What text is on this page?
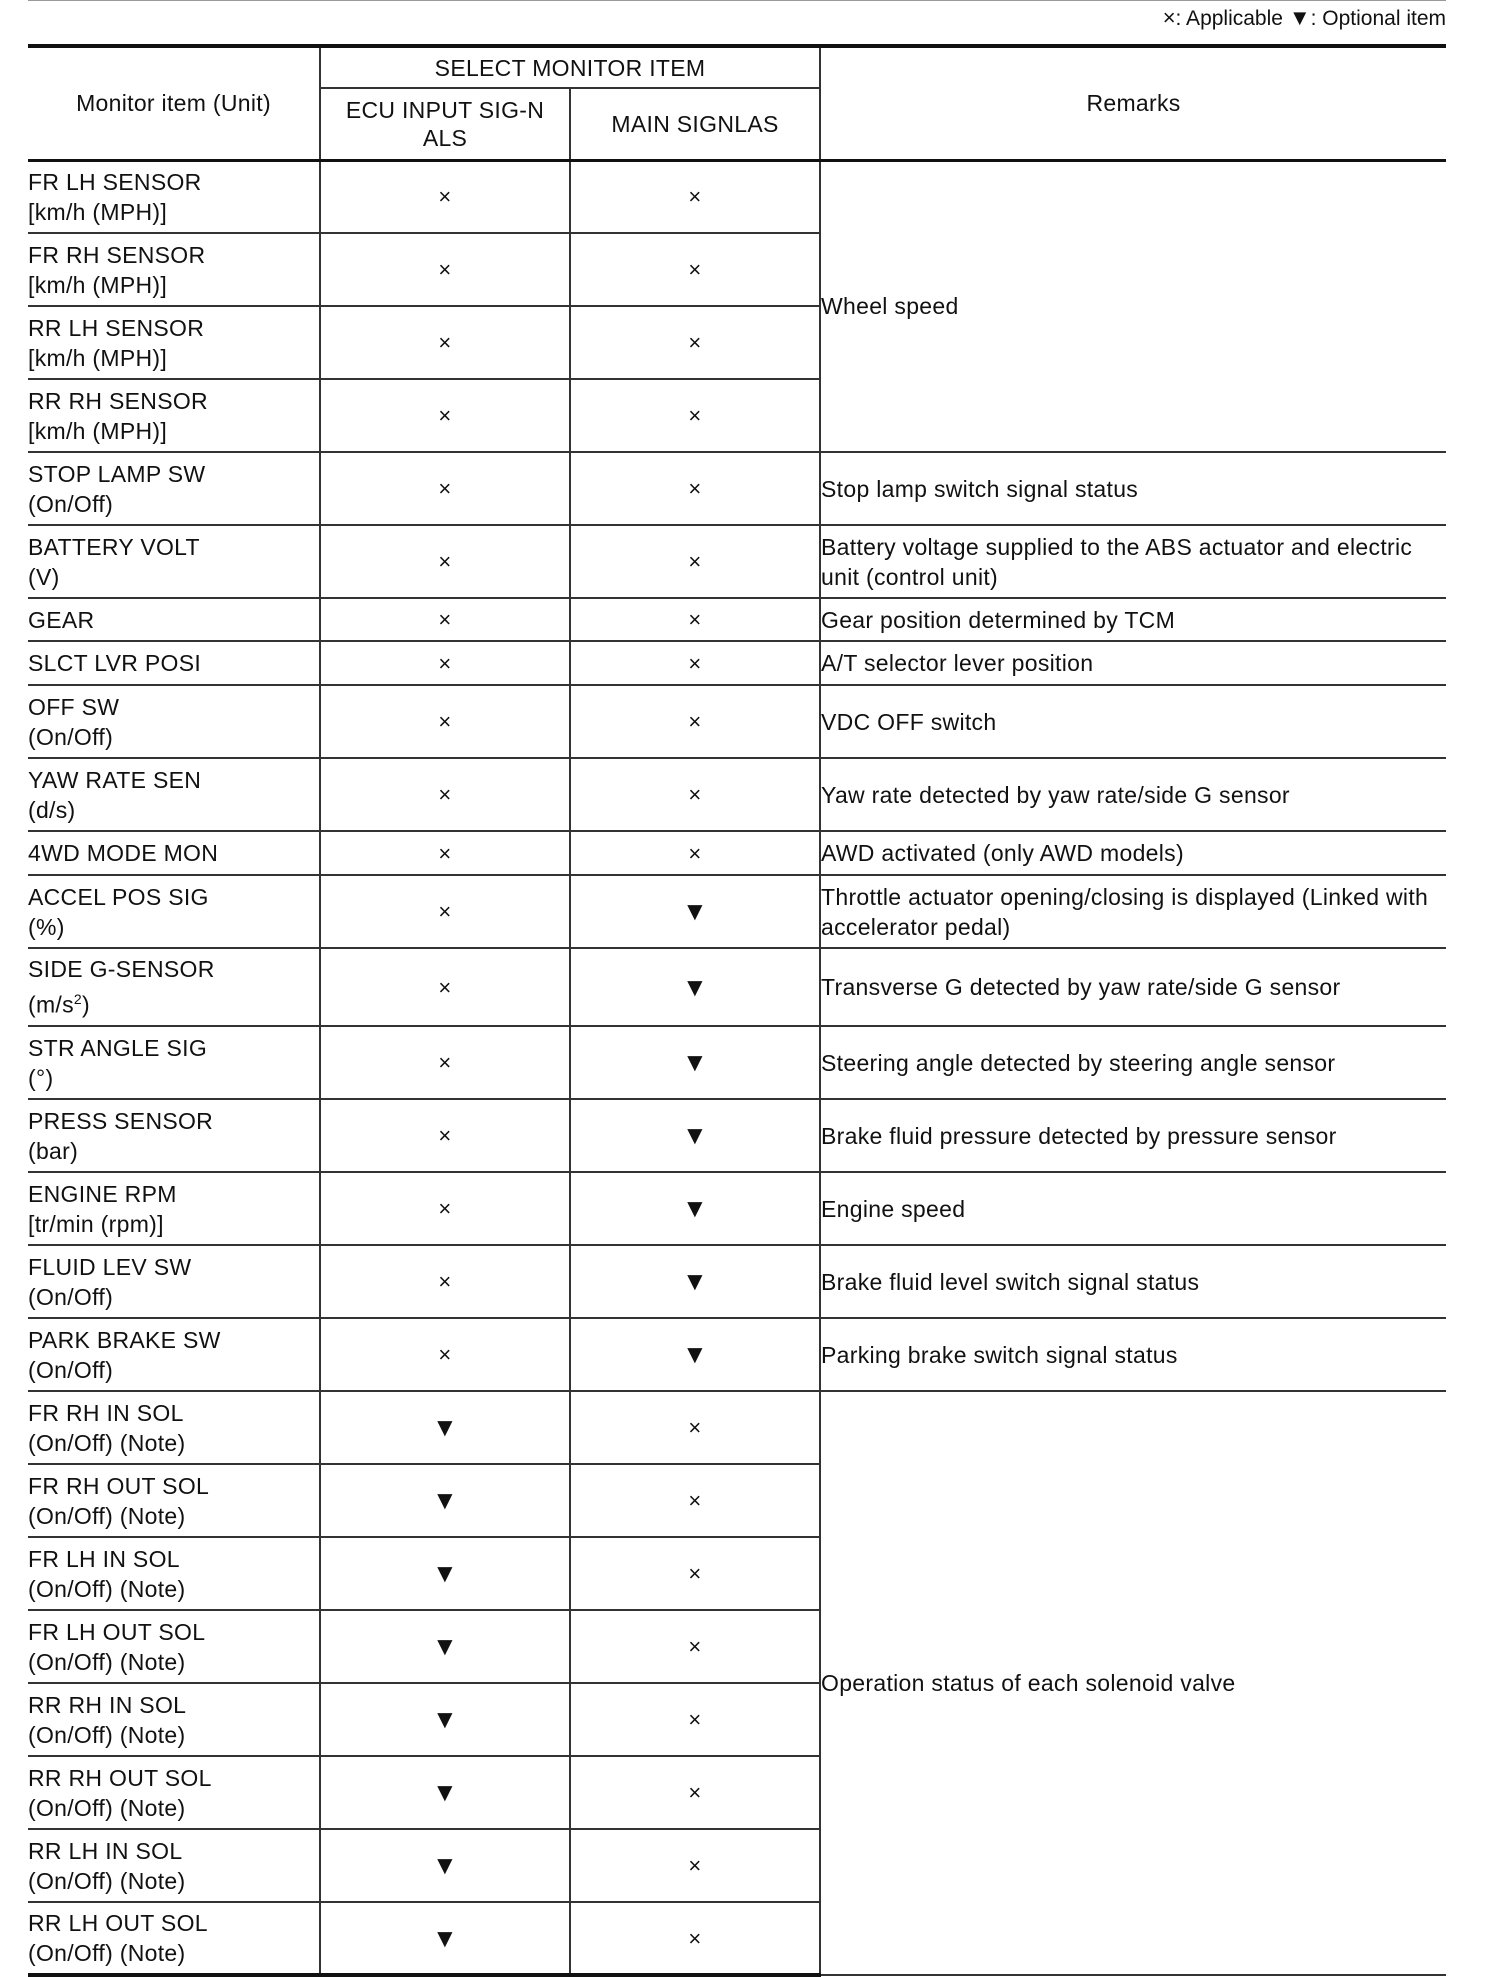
×: Applicable ▼: Optional item
Monitor item (Unit)	SELECT MONITOR ITEM		Remarks

	ECU INPUT SIG-NALS	MAIN SIGNLAS	
FR LH SENSOR
[km/h (MPH)]	×	×	Wheel speed
FR RH SENSOR
[km/h (MPH)]	×	×	
RR LH SENSOR
[km/h (MPH)]	×	×	
RR RH SENSOR
[km/h (MPH)]	×	×	
STOP LAMP SW
(On/Off)	×	×	Stop lamp switch signal status
BATTERY VOLT
(V)	×	×	Battery voltage supplied to the ABS actuator and electric unit (control unit)
GEAR	×	×	Gear position determined by TCM
SLCT LVR POSI	×	×	A/T selector lever position
OFF SW
(On/Off)	×	×	VDC OFF switch
YAW RATE SEN
(d/s)	×	×	Yaw rate detected by yaw rate/side G sensor
4WD MODE MON	×	×	AWD activated (only AWD models)
ACCEL POS SIG
(%)	×	▼	Throttle actuator opening/closing is displayed (Linked with accelerator pedal)
SIDE G-SENSOR
$(m/s^2)$	×	▼	Transverse G detected by yaw rate/side G sensor
STR ANGLE SIG
(°)	×	▼	Steering angle detected by steering angle sensor
PRESS SENSOR
(bar)	×	▼	Brake fluid pressure detected by pressure sensor
ENGINE RPM
[tr/min (rpm)]	×	▼	Engine speed
FLUID LEV SW
(On/Off)	×	▼	Brake fluid level switch signal status
PARK BRAKE SW
(On/Off)	×	▼	Parking brake switch signal status
FR RH IN SOL
(On/Off) (Note)	▼	×	Operation status of each solenoid valve
FR RH OUT SOL
(On/Off) (Note)	▼	×	
FR LH IN SOL
(On/Off) (Note)	▼	×	
FR LH OUT SOL
(On/Off) (Note)	▼	×	
RR RH IN SOL
(On/Off) (Note)	▼	×	
RR RH OUT SOL
(On/Off) (Note)	▼	×	
RR LH IN SOL
(On/Off) (Note)	▼	×	
RR LH OUT SOL
(On/Off) (Note)	▼	×	
